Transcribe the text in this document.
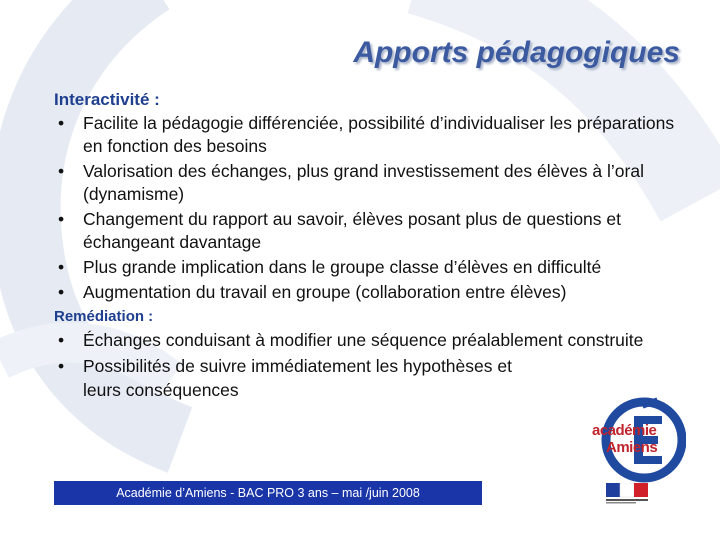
Apports pédagogiques
Interactivité :
• Facilite la pédagogie différenciée, possibilité d’individualiser les préparations en fonction des besoins
• Valorisation des échanges, plus grand investissement des élèves à l’oral (dynamisme)
• Changement du rapport au savoir, élèves posant plus de questions et échangeant davantage
• Plus grande implication dans le groupe classe d’élèves en difficulté
• Augmentation du travail en groupe (collaboration entre élèves)
Remédiation :
• Échanges conduisant à modifier une séquence préalablement construite
• Possibilités de suivre immédiatement les hypothèses et leurs conséquences
Académie d’Amiens - BAC PRO 3 ans – mai /juin 2008
académie
Amiens
